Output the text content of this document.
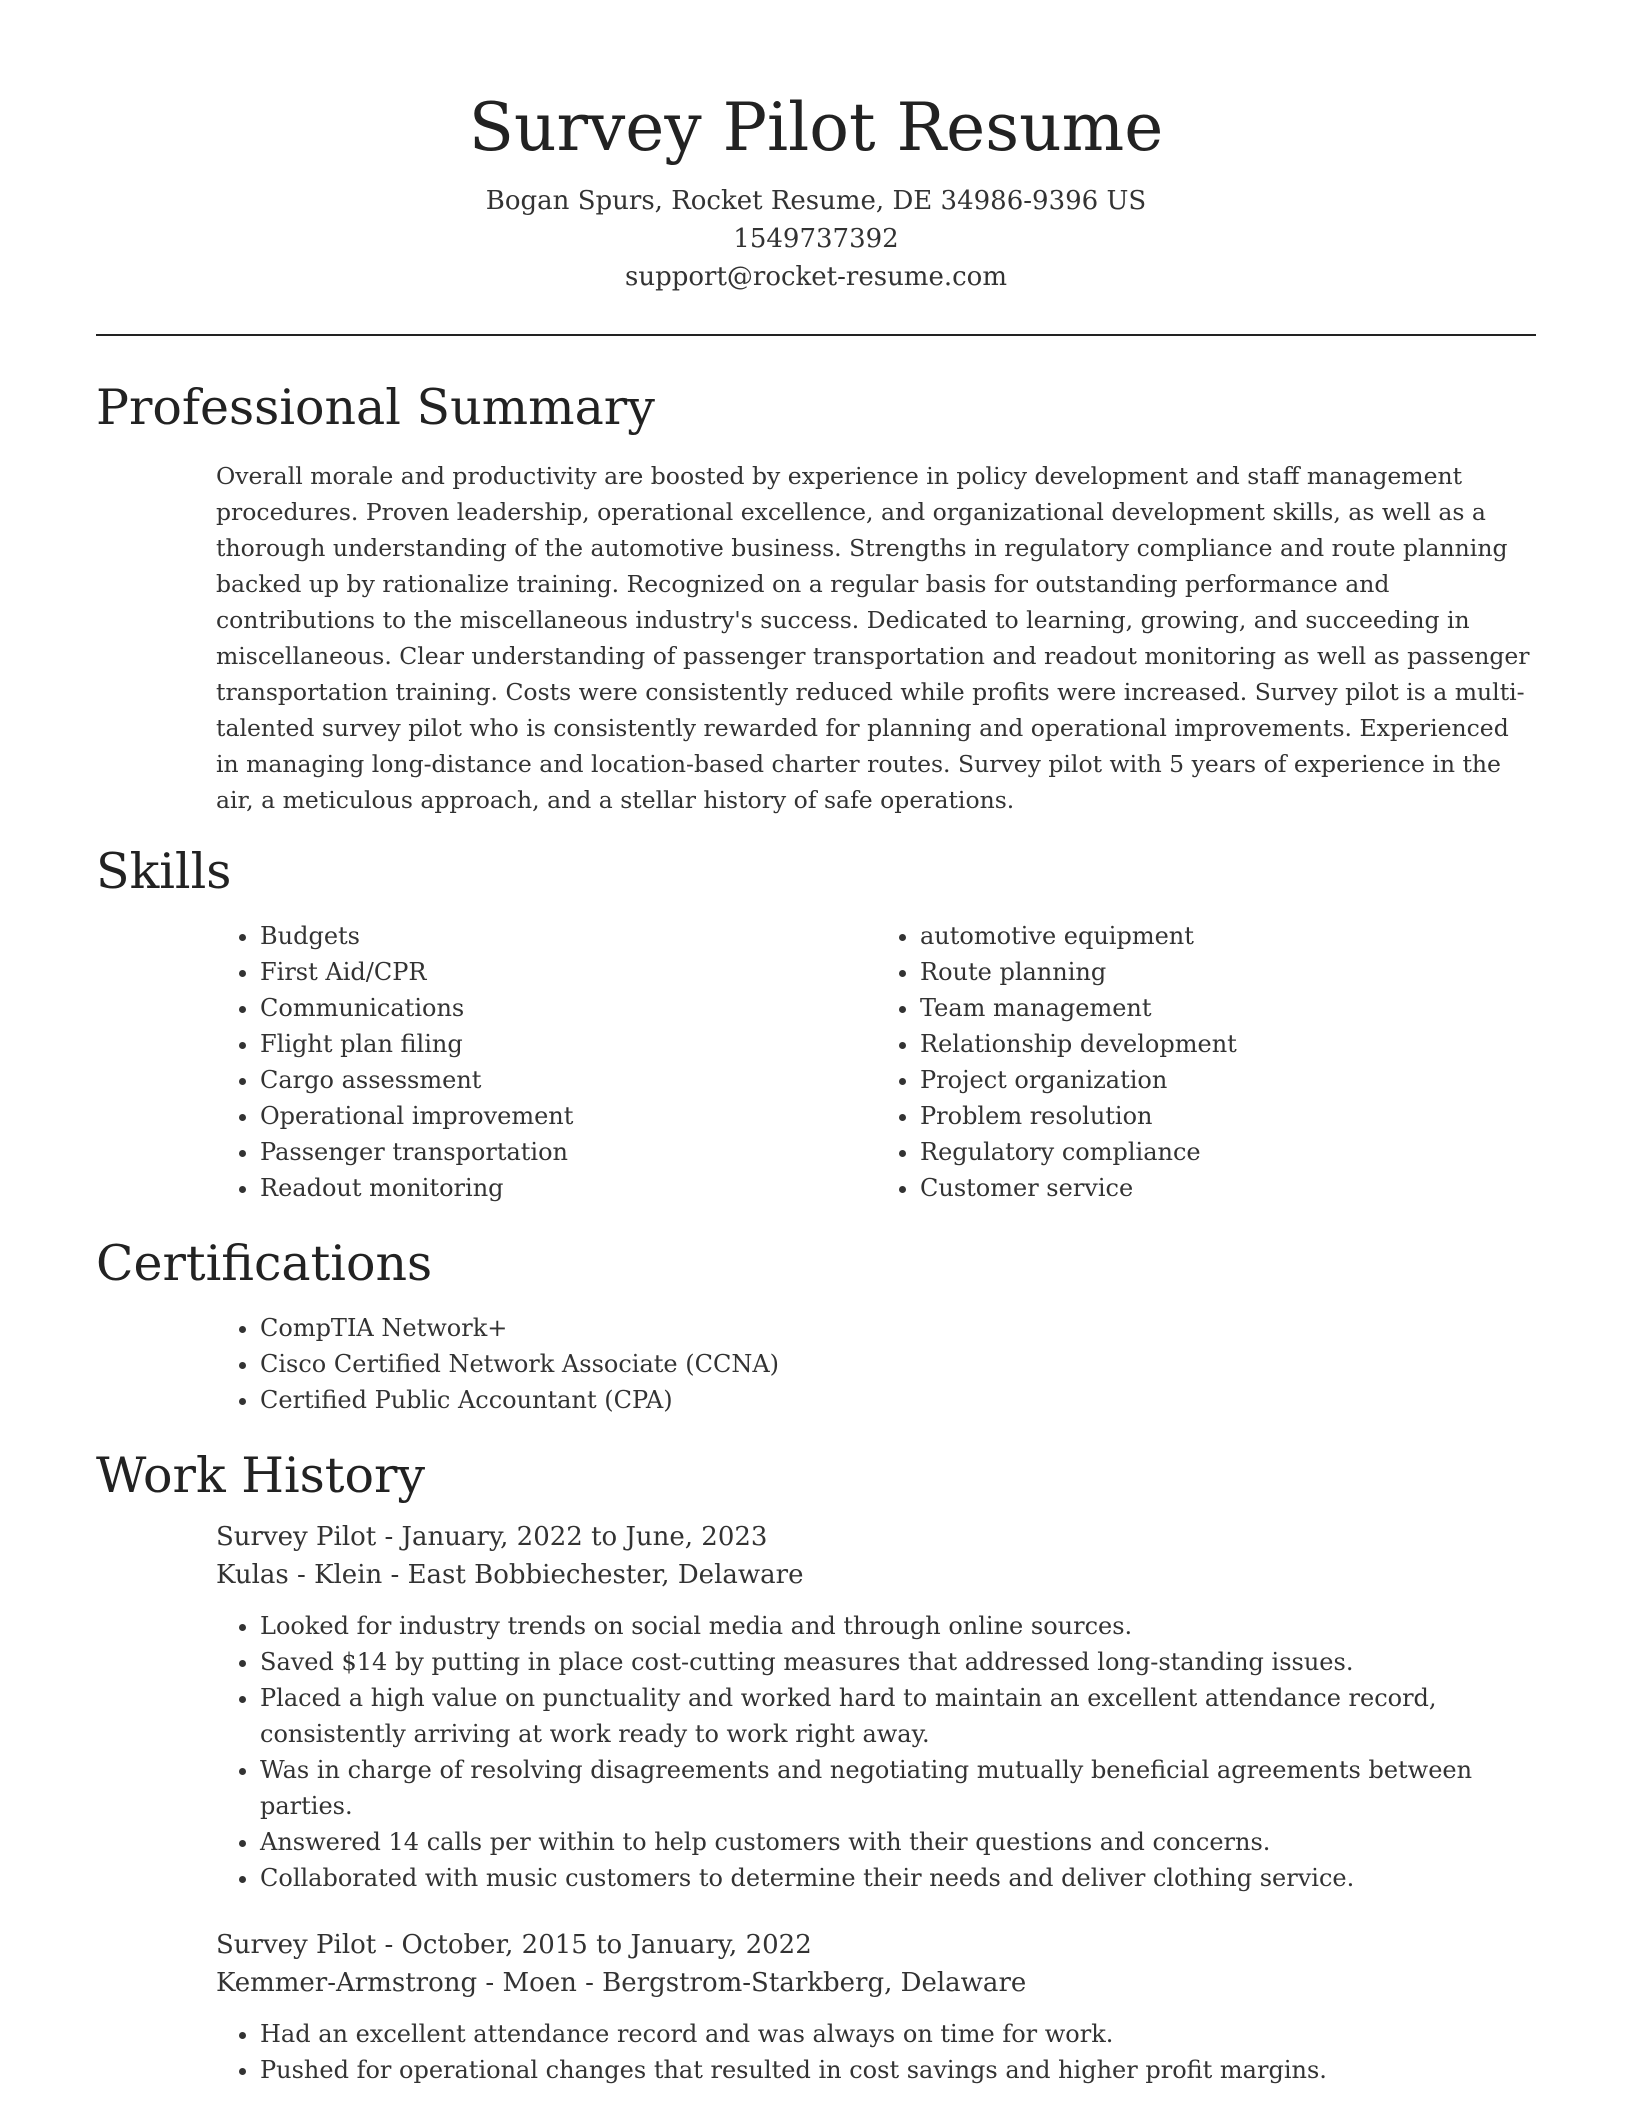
Survey Pilot Resume
Bogan Spurs, Rocket Resume, DE 34986-9396 US
1549737392
support@rocket-resume.com
Professional Summary
Overall morale and productivity are boosted by experience in policy development and staff management procedures. Proven leadership, operational excellence, and organizational development skills, as well as a thorough understanding of the automotive business. Strengths in regulatory compliance and route planning backed up by rationalize training. Recognized on a regular basis for outstanding performance and contributions to the miscellaneous industry's success. Dedicated to learning, growing, and succeeding in miscellaneous. Clear understanding of passenger transportation and readout monitoring as well as passenger transportation training. Costs were consistently reduced while profits were increased. Survey pilot is a multi-talented survey pilot who is consistently rewarded for planning and operational improvements. Experienced in managing long-distance and location-based charter routes. Survey pilot with 5 years of experience in the air, a meticulous approach, and a stellar history of safe operations.
Skills
• Budgets
• First Aid/CPR
• Communications
• Flight plan filing
• Cargo assessment
• Operational improvement
• Passenger transportation
• Readout monitoring
• automotive equipment
• Route planning
• Team management
• Relationship development
• Project organization
• Problem resolution
• Regulatory compliance
• Customer service
Certifications
• CompTIA Network+
• Cisco Certified Network Associate (CCNA)
• Certified Public Accountant (CPA)
Work History
Survey Pilot - January, 2022 to June, 2023
Kulas - Klein - East Bobbiechester, Delaware
• Looked for industry trends on social media and through online sources.
• Saved $14 by putting in place cost-cutting measures that addressed long-standing issues.
• Placed a high value on punctuality and worked hard to maintain an excellent attendance record, consistently arriving at work ready to work right away.
• Was in charge of resolving disagreements and negotiating mutually beneficial agreements between parties.
• Answered 14 calls per within to help customers with their questions and concerns.
• Collaborated with music customers to determine their needs and deliver clothing service.
Survey Pilot - October, 2015 to January, 2022
Kemmer-Armstrong - Moen - Bergstrom-Starkberg, Delaware
• Had an excellent attendance record and was always on time for work.
• Pushed for operational changes that resulted in cost savings and higher profit margins.
